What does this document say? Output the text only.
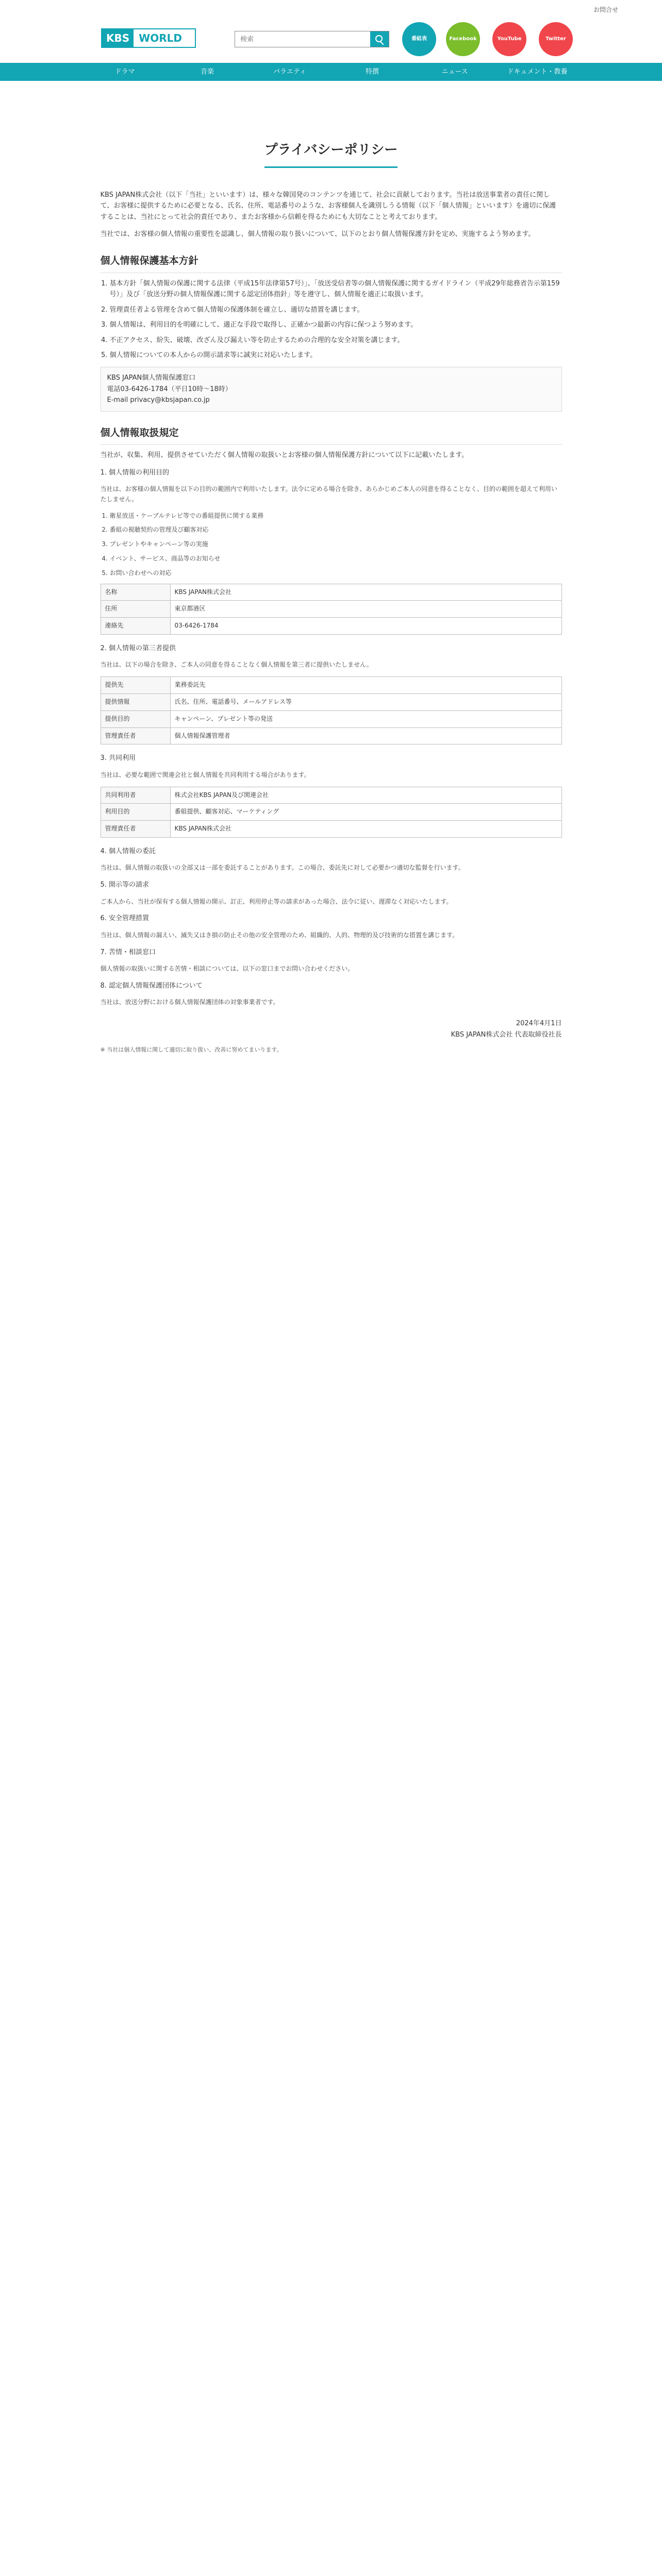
KBS WORLD
お問合せ
検索
番組表	Facebook	YouTube	Twitter
ドラマ	音楽	バラエティ	特撰	ニュース	ドキュメント・教養
プライバシーポリシー

KBS JAPAN株式会社（以下「当社」といいます）は、様々な韓国発のコンテンツを通じて、社会に貢献しております。当社は放送事業者の責任に関して、お客様に提供するために必要となる、氏名、住所、電話番号のような、お客様個人を識別しうる情報（以下「個人情報」といいます）を適切に保護することは、当社にとって社会的責任であり、またお客様から信頼を得るためにも大切なことと考えております。

当社では、お客様の個人情報の重要性を認識し、個人情報の取り扱いについて、以下のとおり個人情報保護方針を定め、実施するよう努めます。

個人情報保護基本方針
1. 基本方針「個人情報の保護に関する法律（平成15年法律第57号）」、「放送受信者等の個人情報保護に関するガイドライン（平成29年総務省告示第159号）」及び「放送分野の個人情報保護に関する認定団体指針」等を遵守し、個人情報を適正に取扱います。
2. 管理責任者よる管理を含めて個人情報の保護体制を確立し、適切な措置を講じます。
3. 個人情報は、利用目的を明確にして、適正な手段で取得し、正確かつ最新の内容に保つよう努めます。
4. 不正アクセス、紛失、破壊、改ざん及び漏えい等を防止するための合理的な安全対策を講じます。
5. 個人情報についての本人からの開示請求等に誠実に対応いたします。

KBS JAPAN個人情報保護窓口

電話03-6426-1784（平日10時〜18時）

E-mail privacy@kbsjapan.co.jp

個人情報取扱規定

当社が、収集、利用、提供させていただく個人情報の取扱いとお客様の個人情報保護方針について以下に記載いたします。

1. 個人情報の利用目的

当社は、お客様の個人情報を以下の目的の範囲内で利用いたします。法令に定める場合を除き、あらかじめご本人の同意を得ることなく、目的の範囲を超えて利用いたしません。

1. 衛星放送・ケーブルテレビ等での番組提供に関する業務
2. 番組の視聴契約の管理及び顧客対応
3. プレゼントやキャンペーン等の実施
4. イベント、サービス、商品等のお知らせ
5. お問い合わせへの対応
名称	KBS JAPAN株式会社
住所	東京都港区
連絡先	03-6426-1784

2. 個人情報の第三者提供

当社は、以下の場合を除き、ご本人の同意を得ることなく個人情報を第三者に提供いたしません。

提供先	業務委託先
提供情報	氏名、住所、電話番号、メールアドレス等
提供目的	キャンペーン、プレゼント等の発送
管理責任者	個人情報保護管理者

3. 共同利用

当社は、必要な範囲で関連会社と個人情報を共同利用する場合があります。

共同利用者	株式会社KBS JAPAN及び関連会社
利用目的	番組提供、顧客対応、マーケティング
管理責任者	KBS JAPAN株式会社

4. 個人情報の委託

当社は、個人情報の取扱いの全部又は一部を委託することがあります。この場合、委託先に対して必要かつ適切な監督を行います。

5. 開示等の請求

ご本人から、当社が保有する個人情報の開示、訂正、利用停止等の請求があった場合、法令に従い、遅滞なく対応いたします。

6. 安全管理措置

当社は、個人情報の漏えい、滅失又はき損の防止その他の安全管理のため、組織的、人的、物理的及び技術的な措置を講じます。

7. 苦情・相談窓口

個人情報の取扱いに関する苦情・相談については、以下の窓口までお問い合わせください。

8. 認定個人情報保護団体について

当社は、放送分野における個人情報保護団体の対象事業者です。

2024年4月1日
KBS JAPAN株式会社 代表取締役社長
※ 当社は個人情報に関して適切に取り扱い、改善に努めてまいります。
